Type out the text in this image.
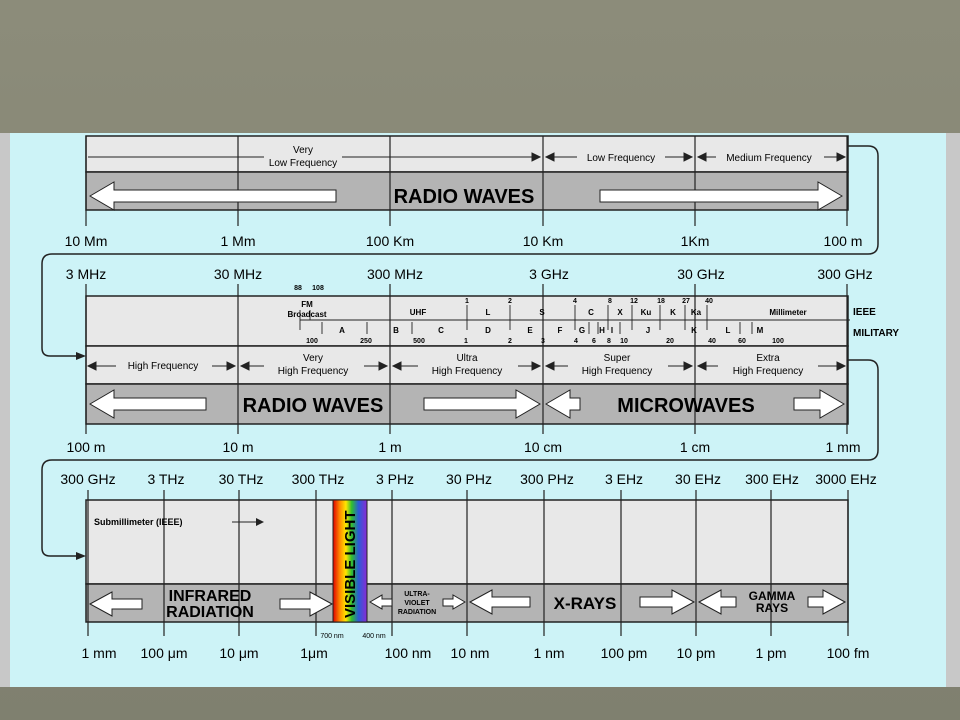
Very
Low Frequency	Low Frequency	Medium Frequency
RADIO WAVES
10 Mm	1 Mm	100 Km	10 Km	1Km	100 m
3 MHz	30 MHz	300 MHz	3 GHz	30 GHz	300 GHz
88 108
FM
Broadcast
1	2	4	8	12	18 27 40
UHF	L	S	C	X Ku K Ka	Millimeter	IEEE
A	B	C	D	E	F G H I	J	K	L	M
100	250	500	1	2	3	4 6 8 10	20	40	60	100
MILITARY
High Frequency
Very
High Frequency
Ultra
High Frequency
Super
High Frequency
Extra
High Frequency
RADIO WAVES	MICROWAVES
100 m	10 m	1 m	10 cm	1 cm	1 mm
300 GHz 3 THz 30 THz 300 THz 3 PHz 30 PHz 300 PHz 3 EHz 30 EHz 300 EHz 3000 EHz
Submillimeter (IEEE)	VISIBLE LIGHT
INFRARED
RADIATION
ULTRA-
VIOLET
RADIATION	X-RAYS	GAMMA
RAYS
700 nm	400 nm
1 mm 100 μm 10 μm	1μm	100 nm 10 nm	1 nm	100 pm 10 pm	1 pm	100 fm
